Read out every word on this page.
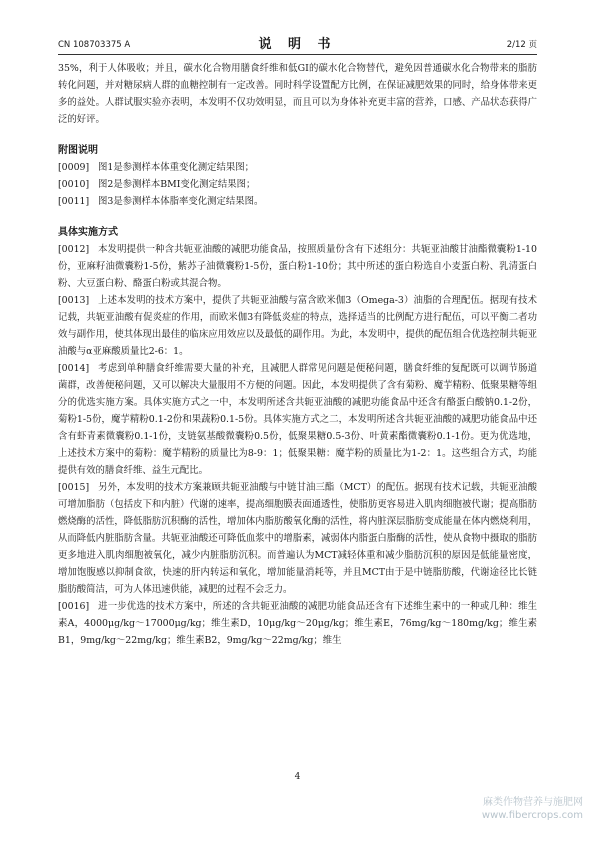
CN 108703375 A	说 明 书	2/12 页

35%，利于人体吸收；并且，碳水化合物用膳食纤维和低GI的碳水化合物替代，避免因普通碳水化合物带来的脂肪转化问题，并对糖尿病人群的血糖控制有一定改善。同时科学设置配方比例，在保证减肥效果的同时，给身体带来更多的益处。人群试服实验亦表明，本发明不仅功效明显，而且可以为身体补充更丰富的营养，口感、产品状态获得广泛的好评。

附图说明

[0009] 图1是参测样本体重变化测定结果图；

[0010] 图2是参测样本BMI变化测定结果图；

[0011] 图3是参测样本体脂率变化测定结果图。

具体实施方式

[0012] 本发明提供一种含共轭亚油酸的减肥功能食品，按照质量份含有下述组分：共轭亚油酸甘油酯微囊粉1-10份，亚麻籽油微囊粉1-5份，紫苏子油微囊粉1-5份，蛋白粉1-10份；其中所述的蛋白粉选自小麦蛋白粉、乳清蛋白粉、大豆蛋白粉、酪蛋白粉或其混合物。

[0013] 上述本发明的技术方案中，提供了共轭亚油酸与富含欧米伽3（Omega-3）油脂的合理配伍。据现有技术记载，共轭亚油酸有促炎症的作用，而欧米伽3有降低炎症的特点，选择适当的比例配方进行配伍，可以平衡二者功效与副作用，使其体现出最佳的临床应用效应以及最低的副作用。为此，本发明中，提供的配伍组合优选控制共轭亚油酸与α亚麻酸质量比2-6：1。

[0014] 考虑到单种膳食纤维需要大量的补充，且减肥人群常见问题是便秘问题，膳食纤维的复配既可以调节肠道菌群，改善便秘问题，又可以解决大量服用不方便的问题。因此，本发明提供了含有菊粉、魔芋精粉、低聚果糖等组分的优选实施方案。具体实施方式之一中，本发明所述含共轭亚油酸的减肥功能食品中还含有酪蛋白酸钠0.1-2份，菊粉1-5份，魔芋精粉0.1-2份和果蔬粉0.1-5份。具体实施方式之二，本发明所述含共轭亚油酸的减肥功能食品中还含有虾青素微囊粉0.1-1份，支链氨基酸微囊粉0.5份，低聚果糖0.5-3份、叶黄素酯微囊粉0.1-1份。更为优选地，上述技术方案中的菊粉：魔芋精粉的质量比为8-9：1；低聚果糖：魔芋粉的质量比为1-2：1。这些组合方式，均能提供有效的膳食纤维、益生元配比。

[0015] 另外，本发明的技术方案兼顾共轭亚油酸与中链甘油三酯（MCT）的配伍。据现有技术记载，共轭亚油酸可增加脂肪（包括皮下和内脏）代谢的速率，提高细胞膜表面通透性，使脂肪更容易进入肌肉细胞被代谢；提高脂肪燃烧酶的活性，降低脂肪沉积酶的活性，增加体内脂肪酸氧化酶的活性，将内脏深层脂肪变成能量在体内燃烧利用，从而降低内脏脂肪含量。共轭亚油酸还可降低血浆中的增脂素，减弱体内脂蛋白脂酶的活性，使从食物中摄取的脂肪更多地进入肌肉细胞被氧化，减少内脏脂肪沉积。而普遍认为MCT减轻体重和减少脂肪沉积的原因是低能量密度，增加饱腹感以抑制食欲，快速的肝内转运和氧化，增加能量消耗等，并且MCT由于是中链脂肪酸，代谢途径比长链脂肪酸简洁，可为人体迅速供能，减肥的过程不会乏力。

[0016] 进一步优选的技术方案中，所述的含共轭亚油酸的减肥功能食品还含有下述维生素中的一种或几种：维生素A，4000μg/kg～17000μg/kg；维生素D，10μg/kg～20μg/kg；维生素E，76mg/kg～180mg/kg；维生素B1，9mg/kg～22mg/kg；维生素B2，9mg/kg～22mg/kg；维生

4
麻类作物营养与施肥网
www.fibercrops.com
